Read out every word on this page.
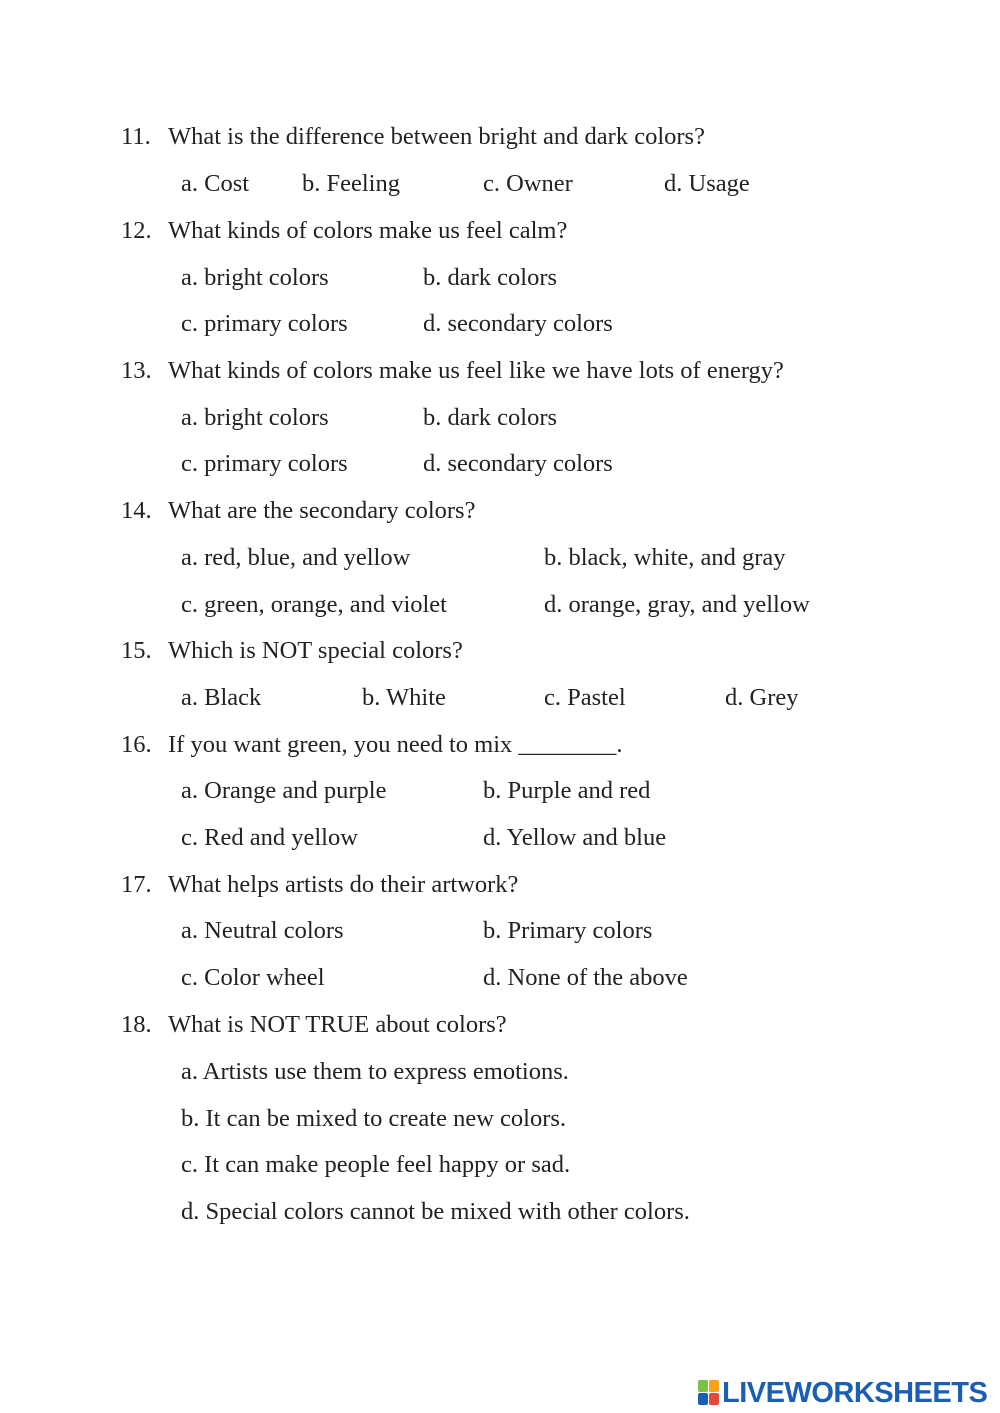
11. What is the difference between bright and dark colors?
a. Cost b. Feeling	c. Owner	d. Usage
12. What kinds of colors make us feel calm?
a. bright colors	b. dark colors
c. primary colors	d. secondary colors
13. What kinds of colors make us feel like we have lots of energy?
a. bright colors	b. dark colors
c. primary colors	d. secondary colors
14. What are the secondary colors?
a. red, blue, and yellow	b. black, white, and gray
c. green, orange, and violet	d. orange, gray, and yellow
15. Which is NOT special colors?
a. Black	b. White	c. Pastel	d. Grey
16. If you want green, you need to mix ________.
a. Orange and purple	b. Purple and red
c. Red and yellow	d. Yellow and blue
17. What helps artists do their artwork?
a. Neutral colors	b. Primary colors
c. Color wheel	d. None of the above
18. What is NOT TRUE about colors?
a. Artists use them to express emotions.
b. It can be mixed to create new colors.
c. It can make people feel happy or sad.
d. Special colors cannot be mixed with other colors.
LIVEWORKSHEETS
